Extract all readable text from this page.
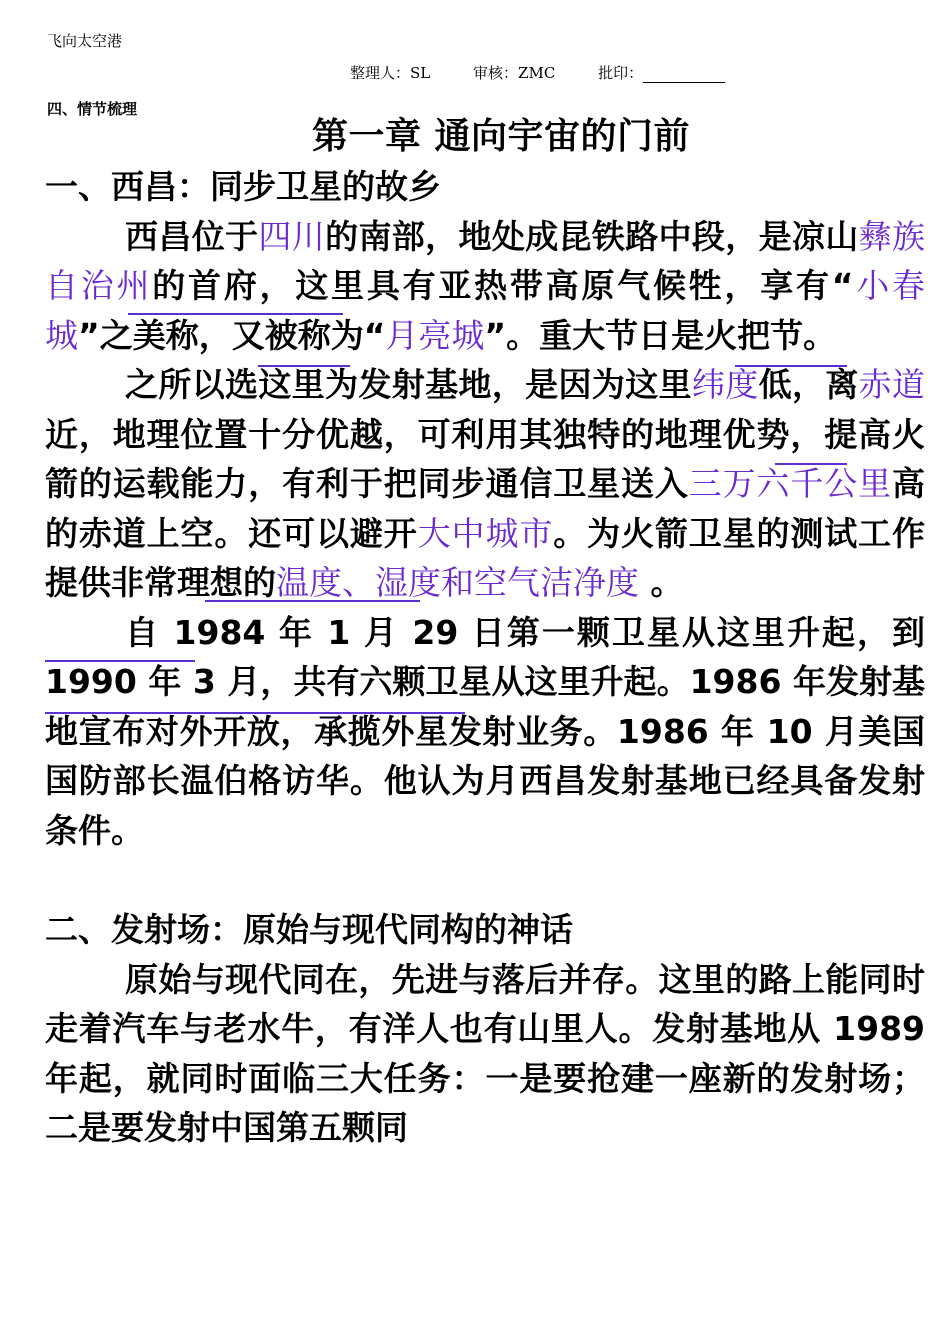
飞向太空港
整理人：SL	审核：ZMC	批印：
四、情节梳理
第一章 通向宇宙的门前

一、西昌：同步卫星的故乡

西昌位于四川的南部，地处成昆铁路中段，是凉山彝族自治州的首府，这里具有亚热带高原气候牲，享有“小春城”之美称，又被称为“月亮城”。重大节日是火把节。

之所以选这里为发射基地，是因为这里纬度低，离赤道近，地理位置十分优越，可利用其独特的地理优势，提高火箭的运载能力，有利于把同步通信卫星送入三万六千公里高的赤道上空。还可以避开大中城市。为火箭卫星的测试工作提供非常理想的温度、湿度和空气洁净度 。

自 1984 年 1 月 29 日第一颗卫星从这里升起，到 1990 年 3 月，共有六颗卫星从这里升起。1986 年发射基地宣布对外开放，承揽外星发射业务。1986 年 10 月美国国防部长温伯格访华。他认为月西昌发射基地已经具备发射条件。

二、发射场：原始与现代同构的神话

原始与现代同在，先进与落后并存。这里的路上能同时走着汽车与老水牛，有洋人也有山里人。发射基地从 1989 年起，就同时面临三大任务：一是要抢建一座新的发射场；二是要发射中国第五颗同
